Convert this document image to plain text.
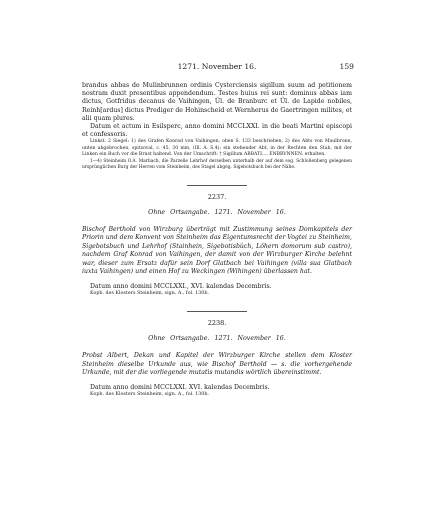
1271. November 16.	159

brandus abbas de Mulinbrunnen ordinis Cysterciensis sigillum suum ad petitionem nostram duxit presentibus appendendum. Testes huius rei sunt: dominus abbas iam dictus, Gotfridus decanus de Vaihingen, Ül. de Branburc et Ül. de Lapide nobiles, Reinh[ardus] dictus Prediger de Hohinscheid et Wernherus de Gaertringen milites, et alii quam plures.

Datum et actum in Esilsperc, anno domini MCCLXXI. in die beati Martini episcopi et confessoris.

Linkst. 2 Siegel: 1) des Grafen Konrad von Vaihingen, oben S. 133 beschrieben, 2) des Abts von Maulbronn, unten abgebrochen, spitzoval, c. 45, 30 mm, (Ill. A. S.4): ein stehender Abt, in der Rechten den Stab, mit der Linken ein Buch vor die Brust haltend. Von der Umschrift: † Sigillum ABBATI.... ENBRVNNEN. erhalten.

1—4) Steinheim O.A. Marbach, die Parzelle Lehrhof derselben unterhalb der auf dem sog. Schloßenberg gelegenen ursprünglichen Burg der Herren vom Steinheim, des Stagel abgeg. Sigebotsbuch bei der Nähe.

2237.
Ohne Ortsangabe. 1271. November 16.

Bischof Berthold von Wirzburg überträgt mit Zustimmung seines Domkapitels der Priorin und dem Konvent von Steinheim das Eigentumsrecht der Vogtei zu Steinheim, Sigebotsbuch und Lehrhof (Stainhein, Sigebotisbûch, Lôhern domorum sub castro), nachdem Graf Konrad von Vaihingen, der damit von der Wirzburger Kirche belehnt war, dieser zum Ersatz dafür sein Dorf Glatbach bei Vaihingen (villa sua Glatbach iuxta Vaihingen) und einen Hof zu Weckingen (Wihingen) überlassen hat.

Datum anno domini MCCLXXI., XVI. kalendas Decembris.

Kopb. des Klosters Steinheim, sign. A., fol. 130b.

2238.
Ohne Ortsangabe. 1271. November 16.

Probst Albert, Dekan und Kapitel der Wirzburger Kirche stellen dem Kloster Steinheim dieselbe Urkunde aus, wie Bischof Berthold — s. die vorhergehende Urkunde, mit der die vorliegende mutatis mutandis wörtlich übereinstimmt.

Datum anno domini MCCLXXI. XVI. kalendas Decembris.

Kopb. des Klosters Steinheim, sign. A., fol. 130b.
